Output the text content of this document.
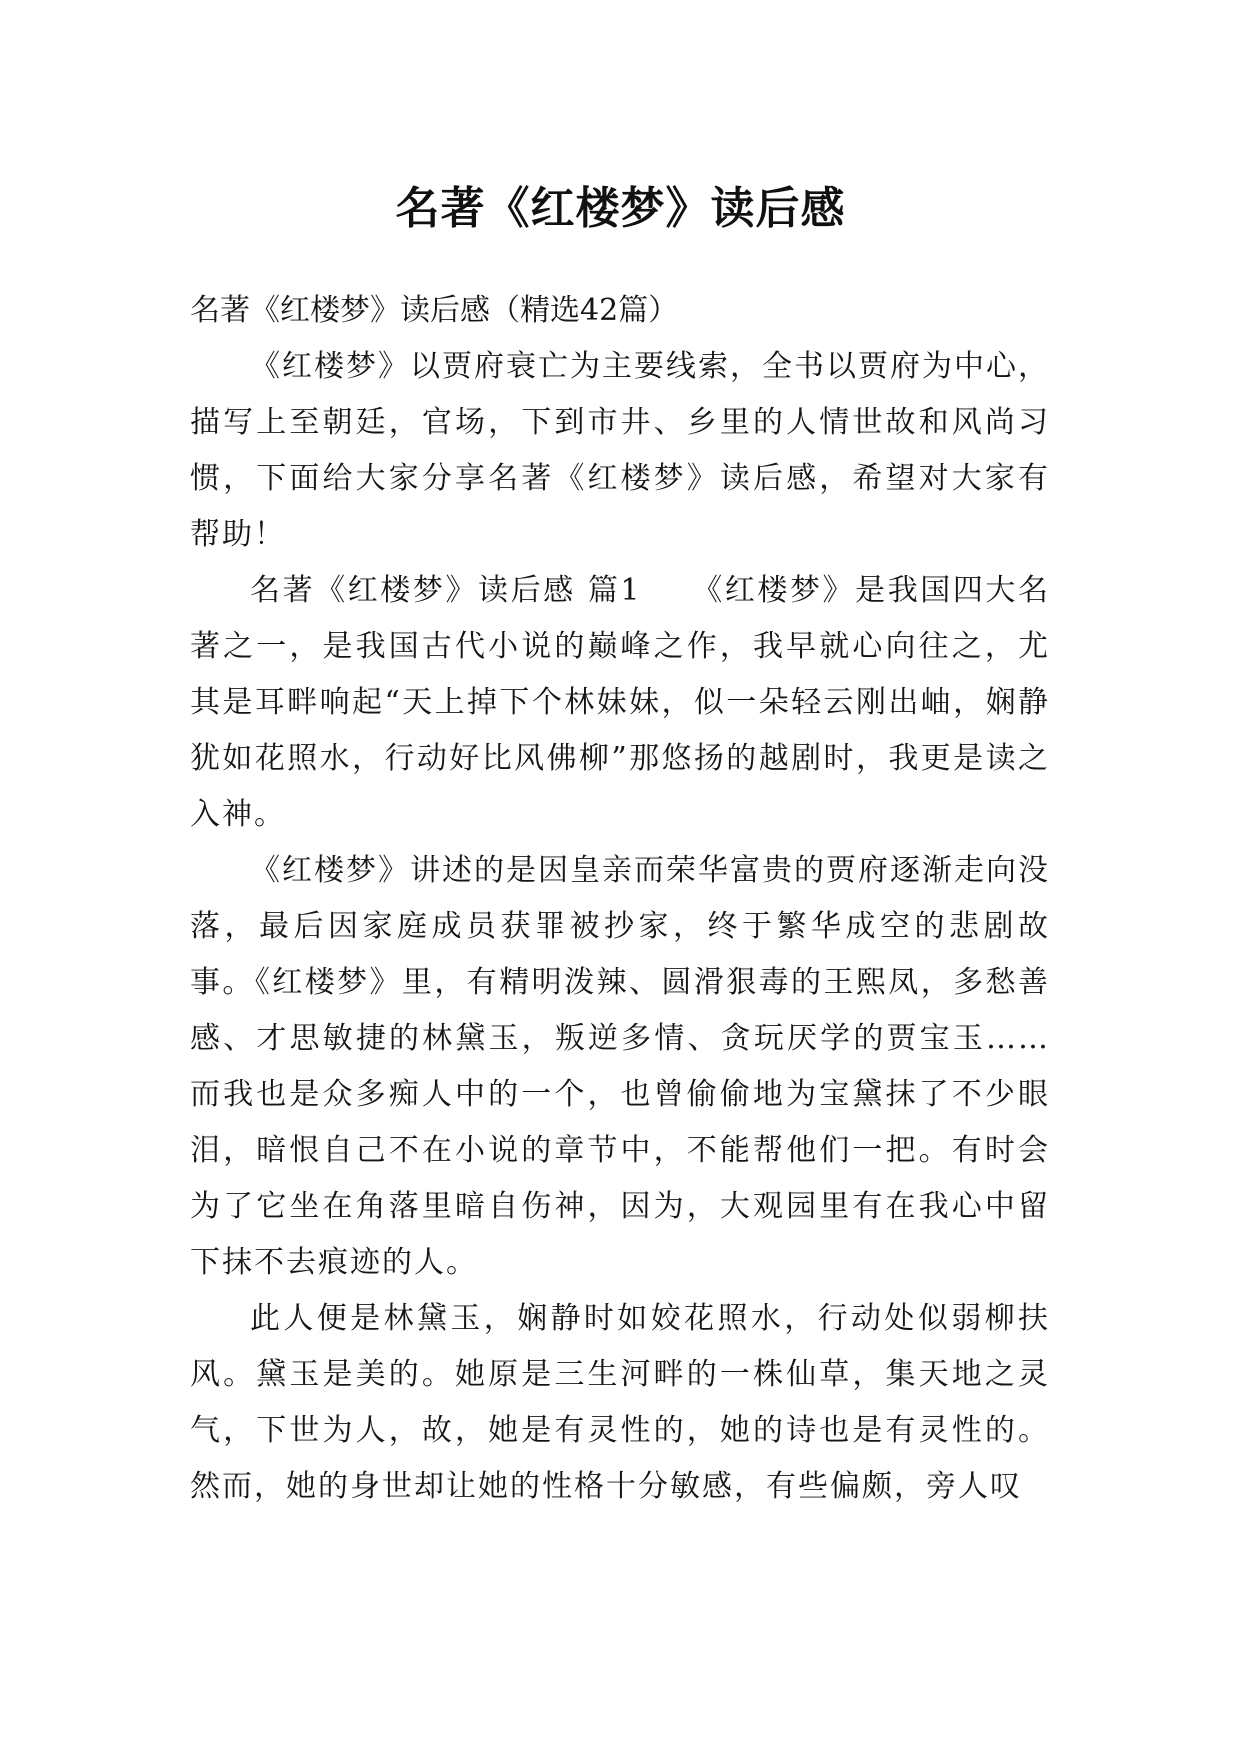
名著《红楼梦》读后感

名著《红楼梦》读后感（精选42篇）

《红楼梦》以贾府衰亡为主要线索，全书以贾府为中心，描写上至朝廷，官场，下到市井、乡里的人情世故和风尚习惯，下面给大家分享名著《红楼梦》读后感，希望对大家有帮助！

名著《红楼梦》读后感 篇1　　《红楼梦》是我国四大名著之一，是我国古代小说的巅峰之作，我早就心向往之，尤其是耳畔响起“天上掉下个林妹妹，似一朵轻云刚出岫，娴静犹如花照水，行动好比风佛柳”那悠扬的越剧时，我更是读之入神。

《红楼梦》讲述的是因皇亲而荣华富贵的贾府逐渐走向没落，最后因家庭成员获罪被抄家，终于繁华成空的悲剧故事。《红楼梦》里，有精明泼辣、圆滑狠毒的王熙凤，多愁善感、才思敏捷的林黛玉，叛逆多情、贪玩厌学的贾宝玉……而我也是众多痴人中的一个，也曾偷偷地为宝黛抹了不少眼泪，暗恨自己不在小说的章节中，不能帮他们一把。有时会为了它坐在角落里暗自伤神，因为，大观园里有在我心中留下抹不去痕迹的人。

此人便是林黛玉，娴静时如姣花照水，行动处似弱柳扶风。黛玉是美的。她原是三生河畔的一株仙草，集天地之灵气，下世为人，故，她是有灵性的，她的诗也是有灵性的。然而，她的身世却让她的性格十分敏感，有些偏颇，旁人叹
